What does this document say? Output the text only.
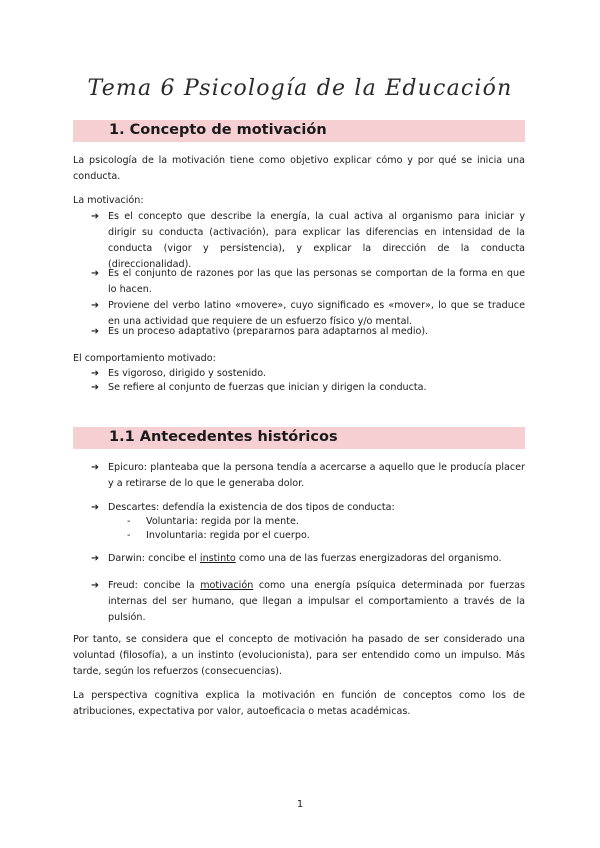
Tema 6 Psicología de la Educación
1. Concepto de motivación
La psicología de la motivación tiene como objetivo explicar cómo y por qué se inicia una conducta.
La motivación:
➔ Es el concepto que describe la energía, la cual activa al organismo para iniciar y dirigir su conducta (activación), para explicar las diferencias en intensidad de la conducta (vigor y persistencia), y explicar la dirección de la conducta (direccionalidad).
➔ Es el conjunto de razones por las que las personas se comportan de la forma en que lo hacen.
➔ Proviene del verbo latino «movere», cuyo significado es «mover», lo que se traduce en una actividad que requiere de un esfuerzo físico y/o mental.
➔ Es un proceso adaptativo (prepararnos para adaptarnos al medio).
El comportamiento motivado:
➔ Es vigoroso, dirigido y sostenido.
➔ Se refiere al conjunto de fuerzas que inician y dirigen la conducta.
1.1 Antecedentes históricos
➔ Epicuro: planteaba que la persona tendía a acercarse a aquello que le producía placer y a retirarse de lo que le generaba dolor.
➔ Descartes: defendía la existencia de dos tipos de conducta:
- Voluntaria: regida por la mente.
- Involuntaria: regida por el cuerpo.
➔ Darwin: concibe el instinto como una de las fuerzas energizadoras del organismo.
➔ Freud: concibe la motivación como una energía psíquica determinada por fuerzas internas del ser humano, que llegan a impulsar el comportamiento a través de la pulsión.
Por tanto, se considera que el concepto de motivación ha pasado de ser considerado una voluntad (filosofía), a un instinto (evolucionista), para ser entendido como un impulso. Más tarde, según los refuerzos (consecuencias).
La perspectiva cognitiva explica la motivación en función de conceptos como los de atribuciones, expectativa por valor, autoeficacia o metas académicas.
1
